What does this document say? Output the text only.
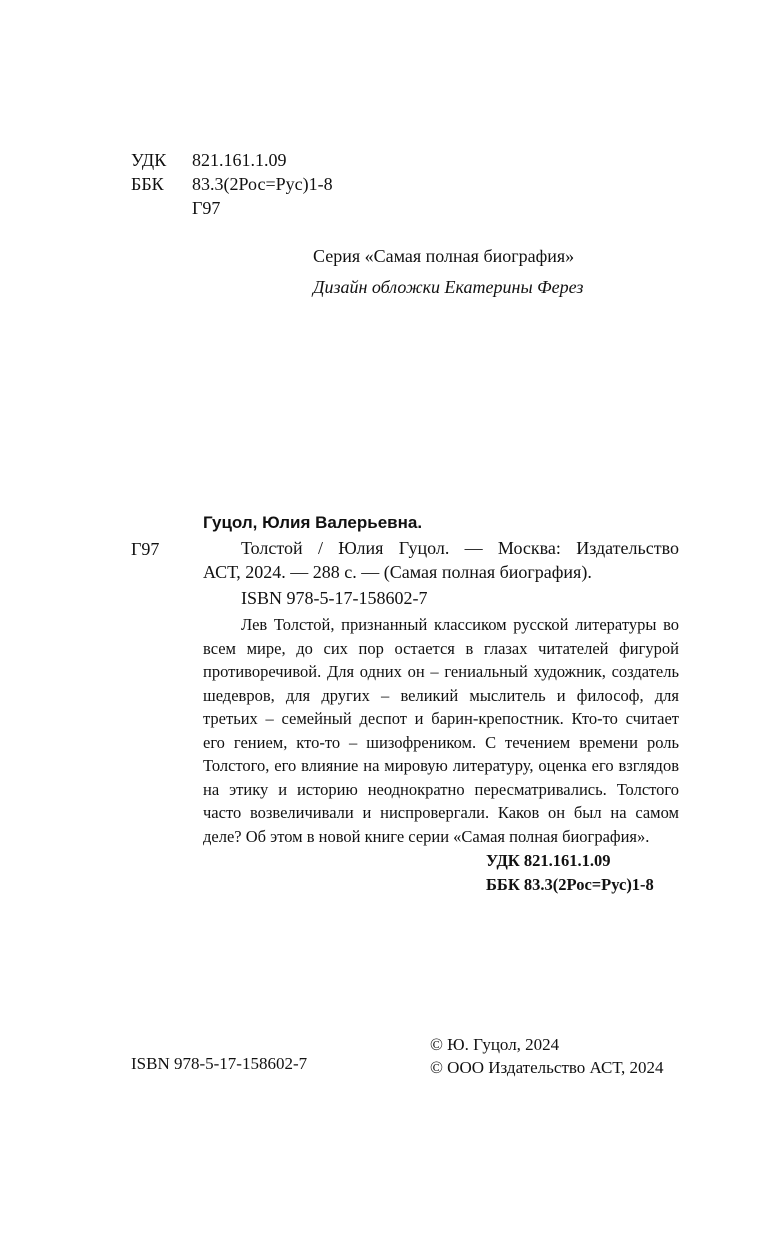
УДК 821.161.1.09
ББК 83.3(2Рос=Рус)1-8
Г97
Серия «Самая полная биография»
Дизайн обложки Екатерины Ферез
Гуцол, Юлия Валерьевна.
Г97	Толстой / Юлия Гуцол. — Москва: Издательство
АСТ, 2024. — 288 с. — (Самая полная биография).
ISBN 978-5-17-158602-7

Лев Толстой, признанный классиком русской литературы во всем мире, до сих пор остается в глазах читателей фигурой противоречивой. Для одних он – гениальный художник, создатель шедевров, для других – великий мыслитель и философ, для третьих – семейный деспот и барин-крепостник. Кто-то считает его гением, кто-то – шизофреником. С течением времени роль Толстого, его влияние на мировую литературу, оценка его взглядов на этику и историю неоднократно пересматривались. Толстого часто возвеличивали и ниспровергали. Каков он был на самом деле? Об этом в новой книге серии «Самая полная биография».

УДК 821.161.1.09
ББК 83.3(2Рос=Рус)1-8
© Ю. Гуцол, 2024
© ООО Издательство АСТ, 2024
ISBN 978-5-17-158602-7
